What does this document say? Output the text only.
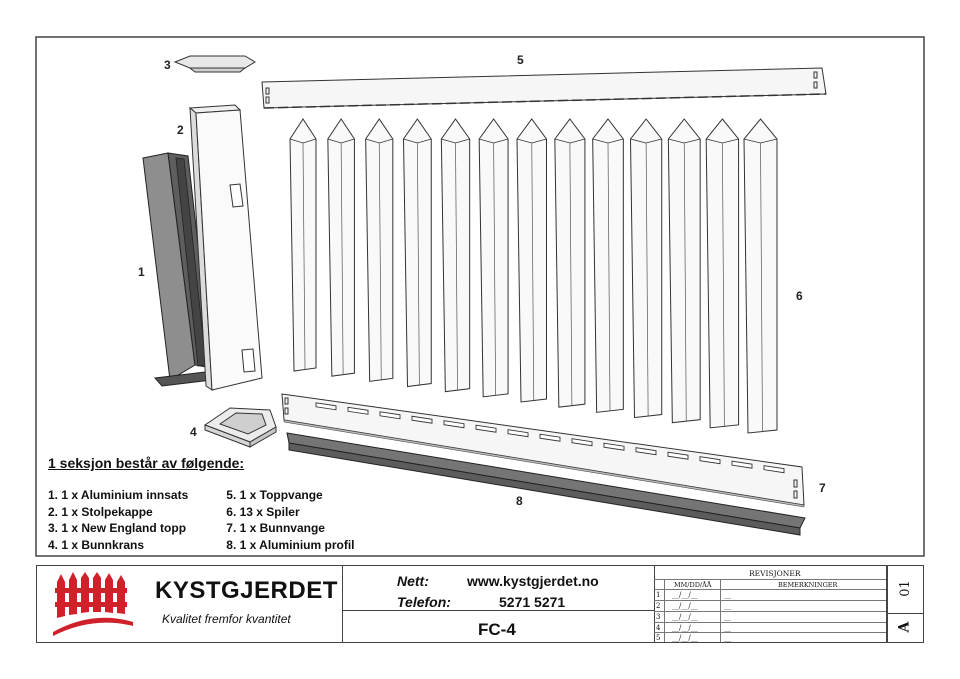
1
2
3
4
5
6
7
8
1 seksjon består av følgende:
1. 1 x Aluminium innsats
2. 1 x Stolpekappe
3. 1 x New England topp
4. 1 x Bunnkrans
5. 1 x Toppvange
6. 13 x Spiler
7. 1 x Bunnvange
8. 1 x Aluminium profil
KYSTGJERDET
Kvalitet fremfor kvantitet
Nett:	www.kystgjerdet.no
Telefon:	5271 5271
FC-4
REVISJONER
MM/DD/ÅÅ	BEMERKNINGER
1 __/__/__	__
2 __/__/__	__
3 __/__/__	__
4 __/__/__	__
5 __/__/__	__
01
A
